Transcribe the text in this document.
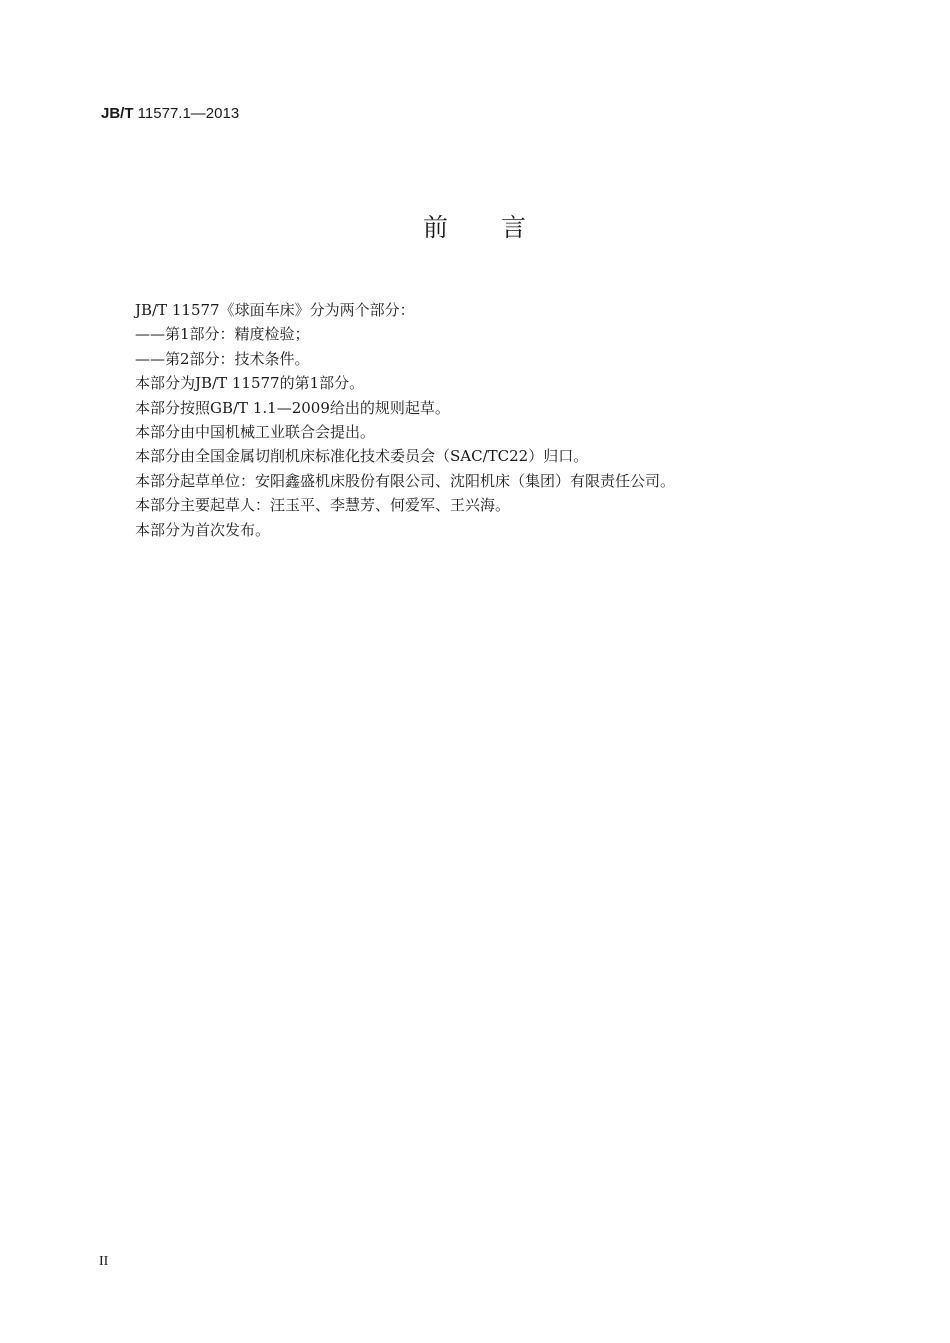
JB/T 11577.1—2013
前 言

JB/T 11577《球面车床》分为两个部分：

——第1部分：精度检验；

——第2部分：技术条件。

本部分为JB/T 11577的第1部分。

本部分按照GB/T 1.1—2009给出的规则起草。

本部分由中国机械工业联合会提出。

本部分由全国金属切削机床标准化技术委员会（SAC/TC22）归口。

本部分起草单位：安阳鑫盛机床股份有限公司、沈阳机床（集团）有限责任公司。

本部分主要起草人：汪玉平、李慧芳、何爱军、王兴海。

本部分为首次发布。

II
